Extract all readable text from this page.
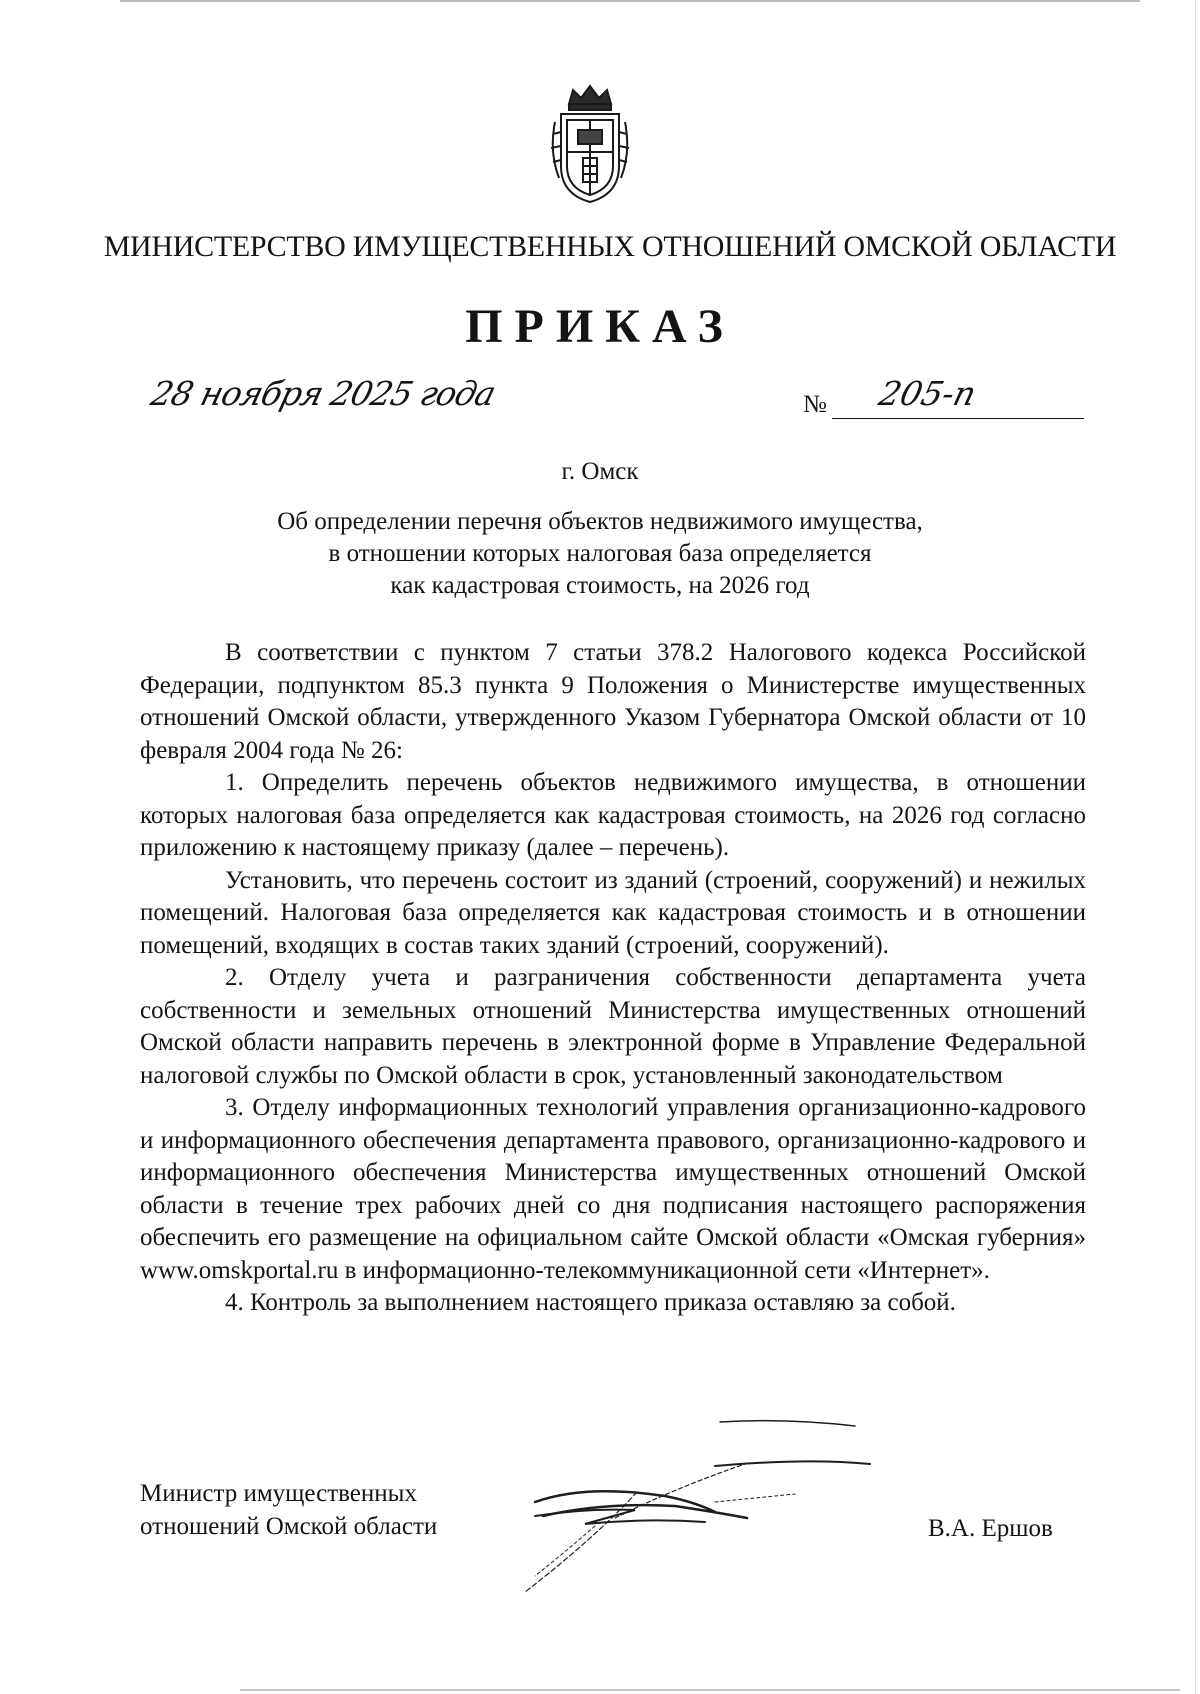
МИНИСТЕРСТВО ИМУЩЕСТВЕННЫХ ОТНОШЕНИЙ ОМСКОЙ ОБЛАСТИ
ПРИКАЗ
28 ноября 2025 года	№ 205-п
г. Омск
Об определении перечня объектов недвижимого имущества,
в отношении которых налоговая база определяется
как кадастровая стоимость, на 2026 год

В соответствии с пунктом 7 статьи 378.2 Налогового кодекса Российской Федерации, подпунктом 85.3 пункта 9 Положения о Министерстве имущественных отношений Омской области, утвержденного Указом Губернатора Омской области от 10 февраля 2004 года № 26:

1. Определить перечень объектов недвижимого имущества, в отношении которых налоговая база определяется как кадастровая стоимость, на 2026 год согласно приложению к настоящему приказу (далее – перечень).

Установить, что перечень состоит из зданий (строений, сооружений) и нежилых помещений. Налоговая база определяется как кадастровая стоимость и в отношении помещений, входящих в состав таких зданий (строений, сооружений).

2. Отделу учета и разграничения собственности департамента учета собственности и земельных отношений Министерства имущественных отношений Омской области направить перечень в электронной форме в Управление Федеральной налоговой службы по Омской области в срок, установленный законодательством

3. Отделу информационных технологий управления организационно-кадрового и информационного обеспечения департамента правового, организационно-кадрового и информационного обеспечения Министерства имущественных отношений Омской области в течение трех рабочих дней со дня подписания настоящего распоряжения обеспечить его размещение на официальном сайте Омской области «Омская губерния» www.omskportal.ru в информационно-телекоммуникационной сети «Интернет».

4. Контроль за выполнением настоящего приказа оставляю за собой.

Министр имущественных
отношений Омской области	В.А. Ершов
